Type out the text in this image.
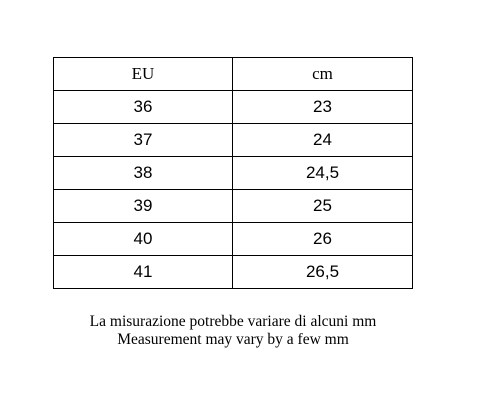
EU	cm
36	23
37	24
38	24,5
39	25
40	26
41	26,5
La misurazione potrebbe variare di alcuni mm
Measurement may vary by a few mm
